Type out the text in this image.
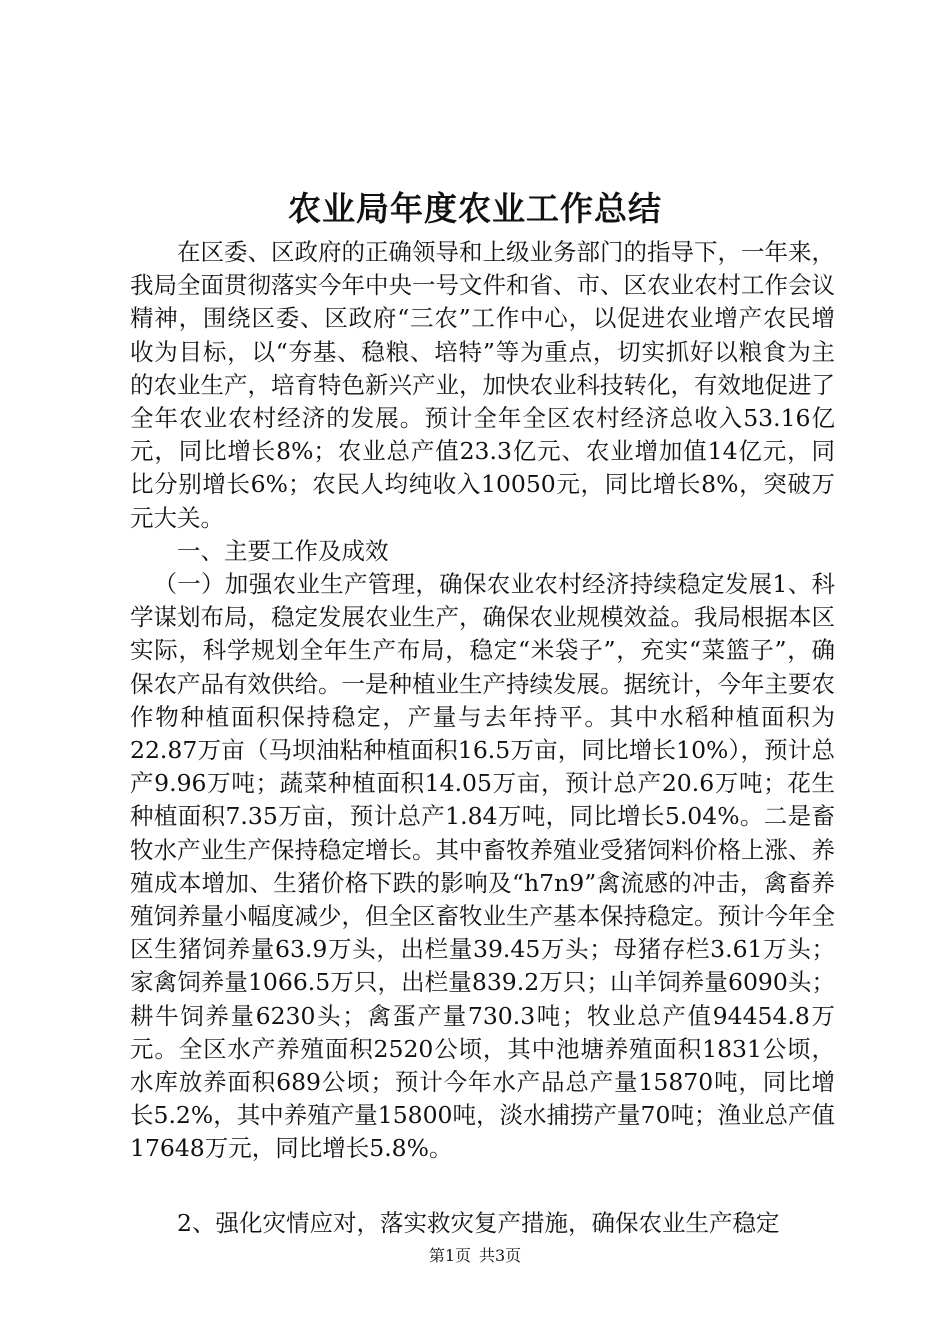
农业局年度农业工作总结

在区委、区政府的正确领导和上级业务部门的指导下，一年来，我局全面贯彻落实今年中央一号文件和省、市、区农业农村工作会议精神，围绕区委、区政府“三农”工作中心，以促进农业增产农民增收为目标，以“夯基、稳粮、培特”等为重点，切实抓好以粮食为主的农业生产，培育特色新兴产业，加快农业科技转化，有效地促进了全年农业农村经济的发展。预计全年全区农村经济总收入53.16亿元，同比增长8%；农业总产值23.3亿元、农业增加值14亿元，同比分别增长6%；农民人均纯收入10050元，同比增长8%，突破万元大关。

一、主要工作及成效

（一）加强农业生产管理，确保农业农村经济持续稳定发展1、科学谋划布局，稳定发展农业生产，确保农业规模效益。我局根据本区实际，科学规划全年生产布局，稳定“米袋子”，充实“菜篮子”，确保农产品有效供给。一是种植业生产持续发展。据统计，今年主要农作物种植面积保持稳定，产量与去年持平。其中水稻种植面积为22.87万亩（马坝油粘种植面积16.5万亩，同比增长10%），预计总产9.96万吨；蔬菜种植面积14.05万亩，预计总产20.6万吨；花生种植面积7.35万亩，预计总产1.84万吨，同比增长5.04%。二是畜牧水产业生产保持稳定增长。其中畜牧养殖业受猪饲料价格上涨、养殖成本增加、生猪价格下跌的影响及“h7n9”禽流感的冲击，禽畜养殖饲养量小幅度减少，但全区畜牧业生产基本保持稳定。预计今年全区生猪饲养量63.9万头，出栏量39.45万头；母猪存栏3.61万头；家禽饲养量1066.5万只，出栏量839.2万只；山羊饲养量6090头；耕牛饲养量6230头；禽蛋产量730.3吨；牧业总产值94454.8万元。全区水产养殖面积2520公顷，其中池塘养殖面积1831公顷，水库放养面积689公顷；预计今年水产品总产量15870吨，同比增长5.2%，其中养殖产量15800吨，淡水捕捞产量70吨；渔业总产值17648万元，同比增长5.8%。

2、强化灾情应对，落实救灾复产措施，确保农业生产稳定

第1页 共3页
